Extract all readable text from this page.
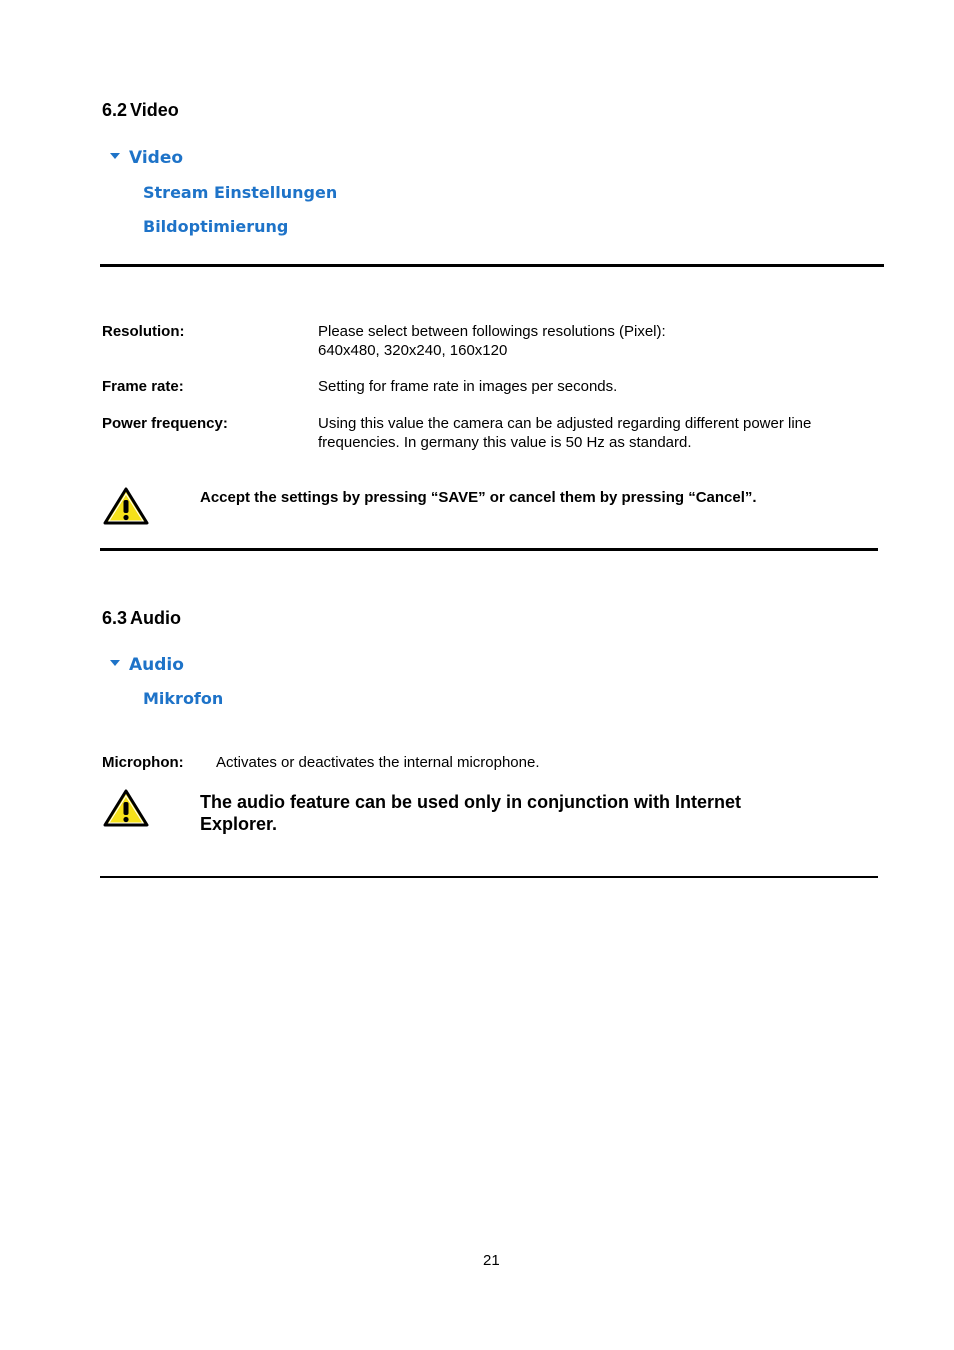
6.2 Video
Video
Stream Einstellungen
Bildoptimierung
Resolution:	Please select between followings resolutions (Pixel):
640x480, 320x240, 160x120
Frame rate:	Setting for frame rate in images per seconds.
Power frequency:	Using this value the camera can be adjusted regarding different power line
frequencies. In germany this value is 50 Hz as standard.
Accept the settings by pressing “SAVE” or cancel them by pressing “Cancel”.
6.3 Audio
Audio
Mikrofon
Microphon: Activates or deactivates the internal microphone.
The audio feature can be used only in conjunction with Internet
Explorer.
21
